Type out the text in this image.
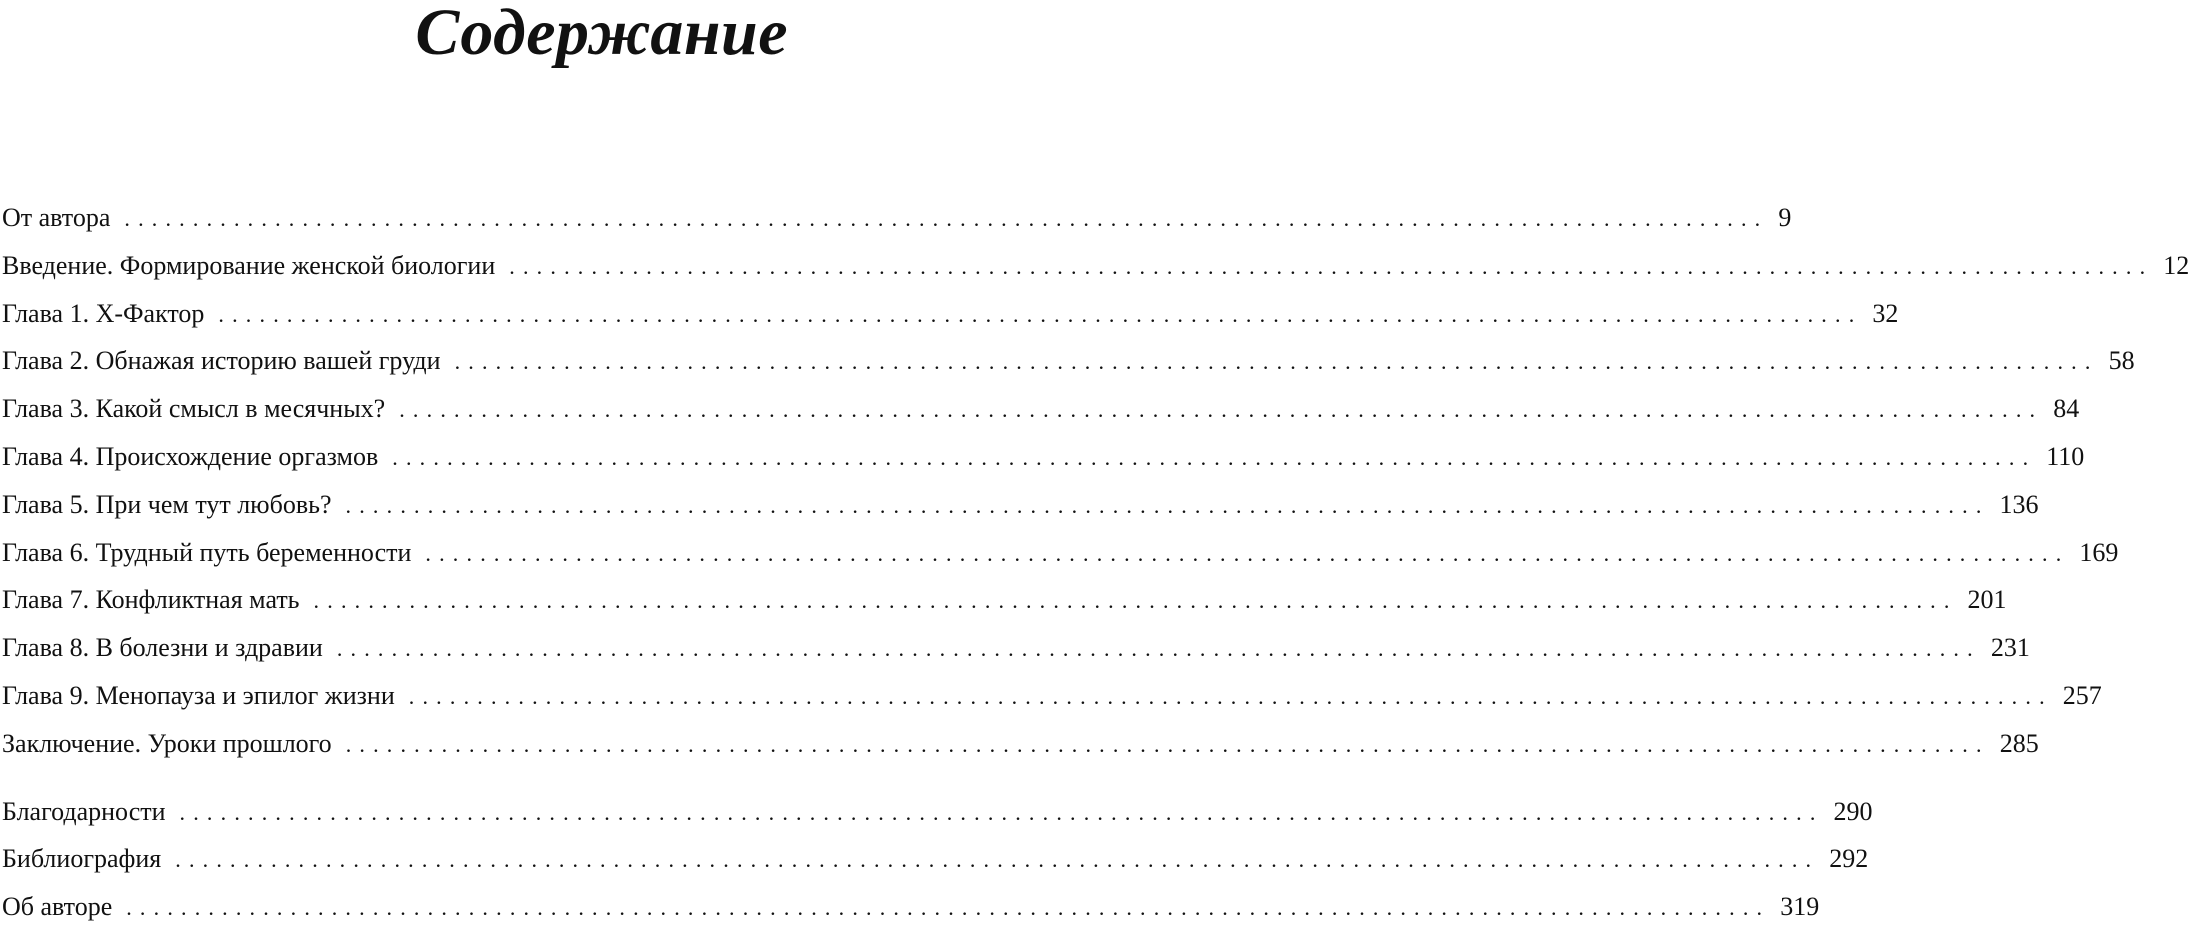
Содержание
От автора ........................................................................................................................ 9
Введение. Формирование женской биологии ........................................................................................................................ 12
Глава 1. Х-Фактор ........................................................................................................................ 32
Глава 2. Обнажая историю вашей груди ........................................................................................................................ 58
Глава 3. Какой смысл в месячных? ........................................................................................................................ 84
Глава 4. Происхождение оргазмов ........................................................................................................................ 110
Глава 5. При чем тут любовь? ........................................................................................................................ 136
Глава 6. Трудный путь беременности ........................................................................................................................ 169
Глава 7. Конфликтная мать ........................................................................................................................ 201
Глава 8. В болезни и здравии ........................................................................................................................ 231
Глава 9. Менопауза и эпилог жизни ........................................................................................................................ 257
Заключение. Уроки прошлого ........................................................................................................................ 285
Благодарности ........................................................................................................................ 290
Библиография ........................................................................................................................ 292
Об авторе ........................................................................................................................ 319
